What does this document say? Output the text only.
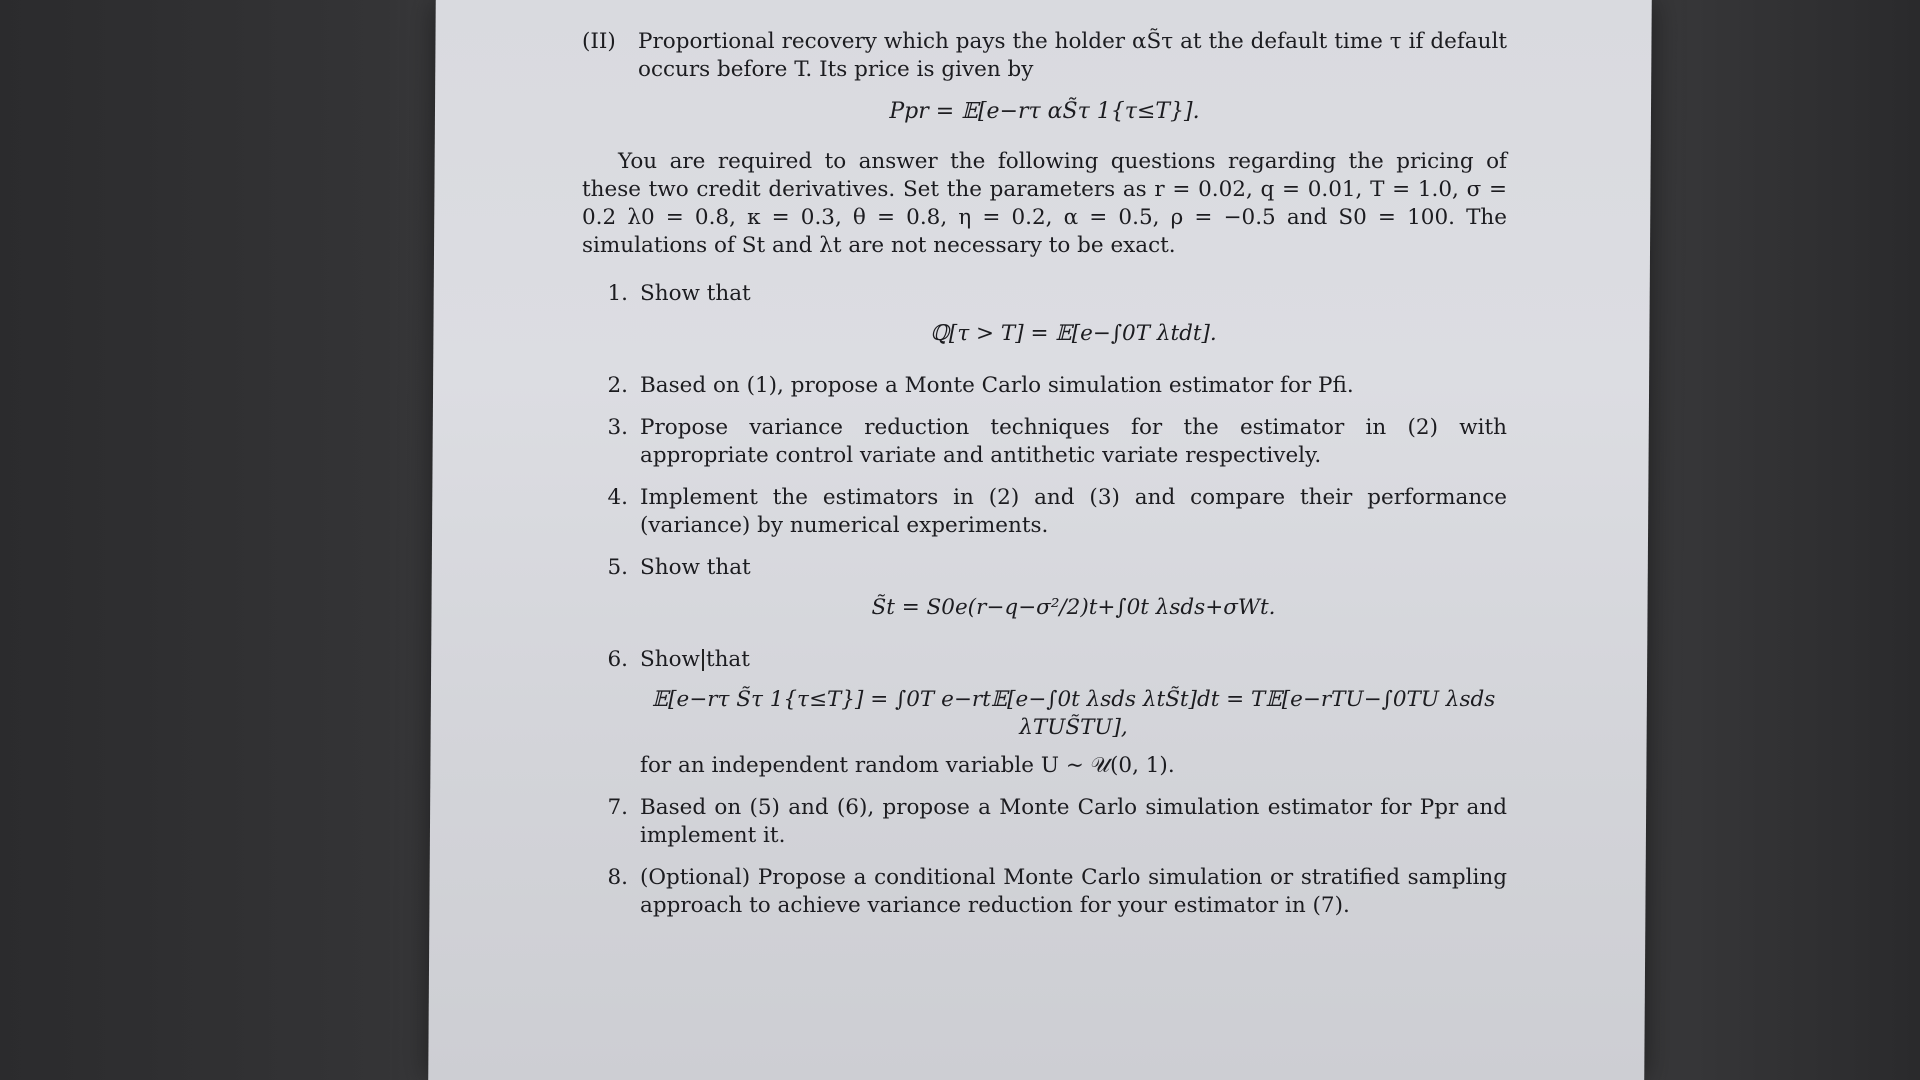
(II)	Proportional recovery which pays the holder αS̃τ at the default time τ if default occurs before T. Its price is given by
Ppr = 𝔼[e−rτ αS̃τ 1{τ≤T}].

You are required to answer the following questions regarding the pricing of these two credit derivatives. Set the parameters as r = 0.02, q = 0.01, T = 1.0, σ = 0.2 λ0 = 0.8, κ = 0.3, θ = 0.8, η = 0.2, α = 0.5, ρ = −0.5 and S0 = 100. The simulations of St and λt are not necessary to be exact.

1. Show that
ℚ[τ > T] = 𝔼[e−∫0T λtdt].
2. Based on (1), propose a Monte Carlo simulation estimator for Pfi.
3. Propose variance reduction techniques for the estimator in (2) with appropriate control variate and antithetic variate respectively.
4. Implement the estimators in (2) and (3) and compare their performance (variance) by numerical experiments.
5. Show that
S̃t = S0e(r−q−σ²/2)t+∫0t λsds+σWt.
6. Show that
𝔼[e−rτ S̃τ 1{τ≤T}] = ∫0T e−rt𝔼[e−∫0t λsds λtS̃t]dt = T𝔼[e−rTU−∫0TU λsds λTUS̃TU],
for an independent random variable U ∼ 𝒰(0, 1).
7. Based on (5) and (6), propose a Monte Carlo simulation estimator for Ppr and implement it.
8. (Optional) Propose a conditional Monte Carlo simulation or stratified sampling approach to achieve variance reduction for your estimator in (7).
